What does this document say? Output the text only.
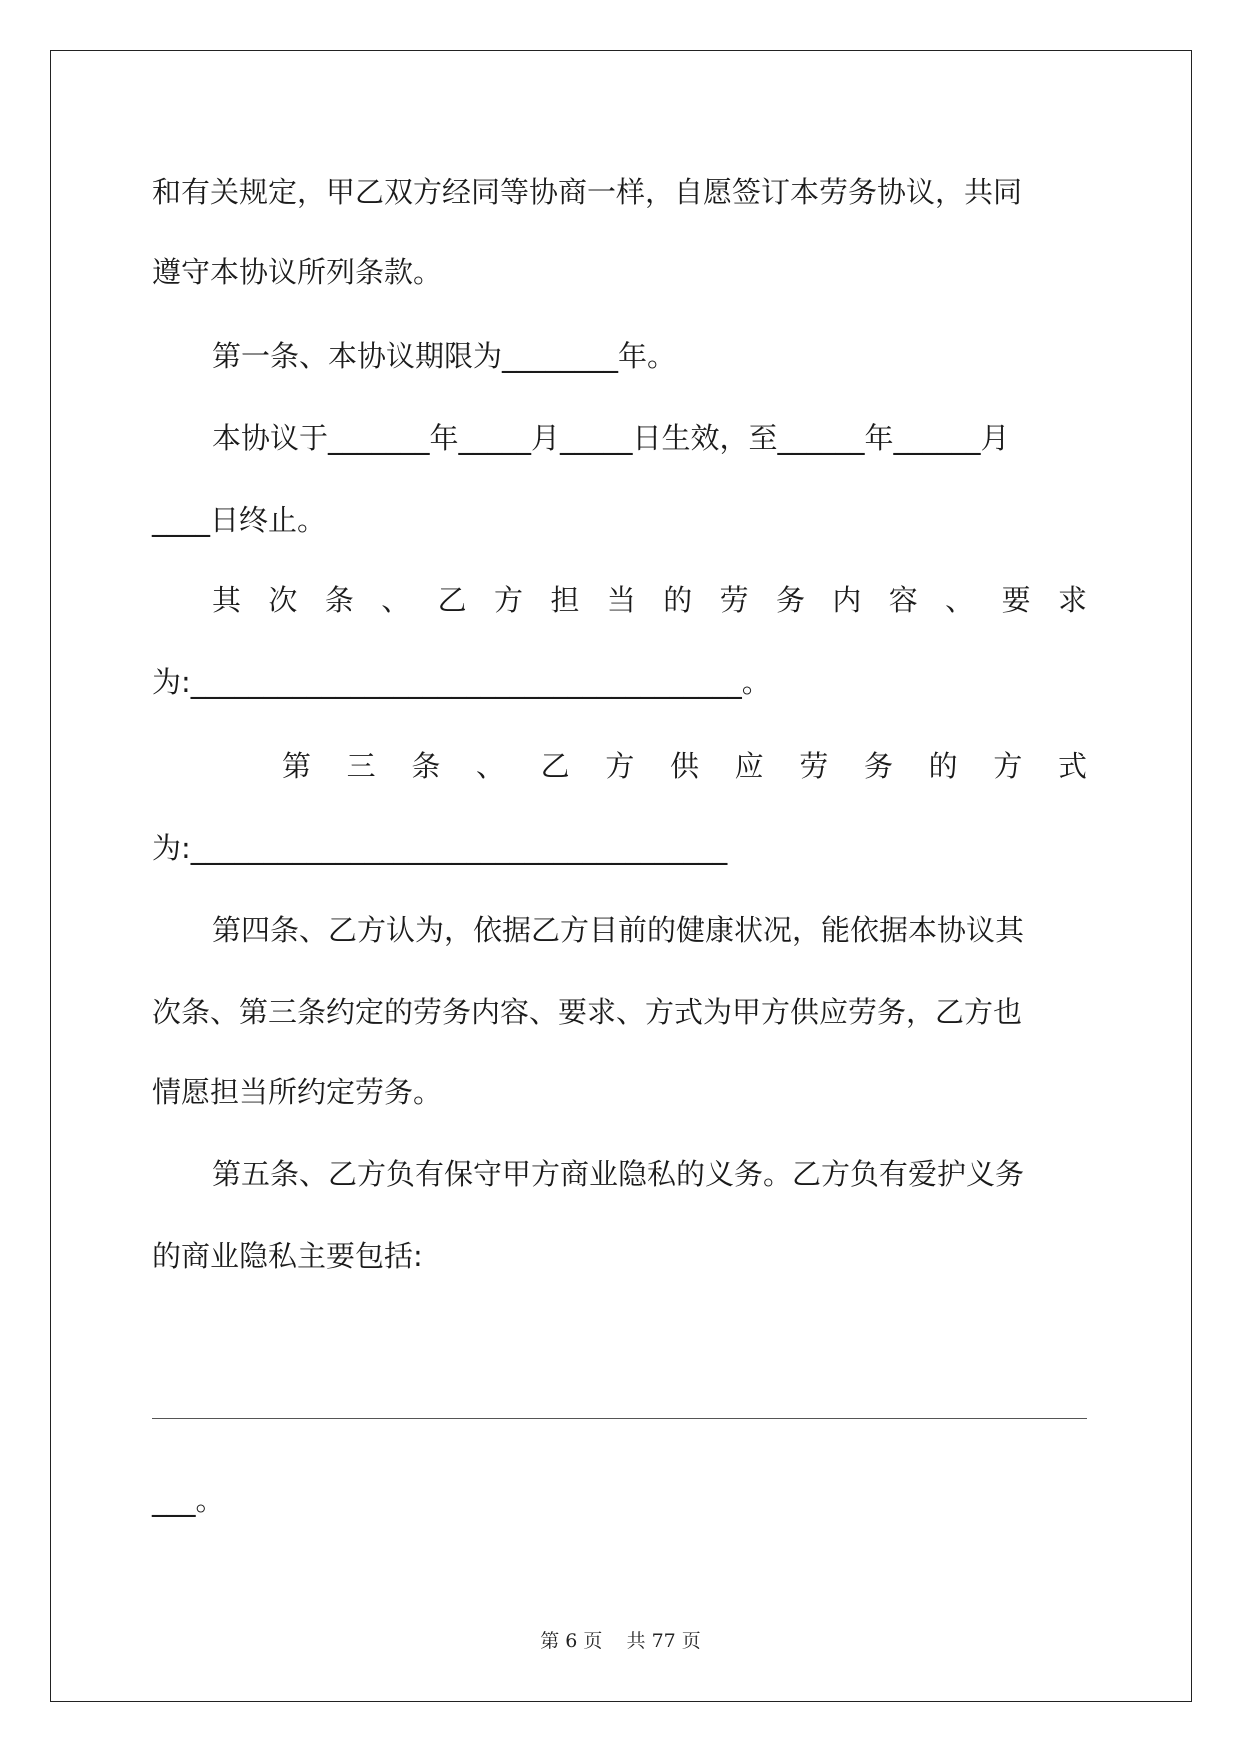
和有关规定，甲乙双方经同等协商一样，自愿签订本劳务协议，共同

遵守本协议所列条款。

第一条、本协议期限为________年。

本协议于_______年_____月_____日生效，至______年______月

____日终止。

其次条、乙方担当的劳务内容、要求

为:______________________________________。

第三条、乙方供应劳务的方式

为:_____________________________________

第四条、乙方认为，依据乙方目前的健康状况，能依据本协议其

次条、第三条约定的劳务内容、要求、方式为甲方供应劳务，乙方也

情愿担当所约定劳务。

第五条、乙方负有保守甲方商业隐私的义务。乙方负有爱护义务

的商业隐私主要包括:

___。

第 6 页    共 77 页
